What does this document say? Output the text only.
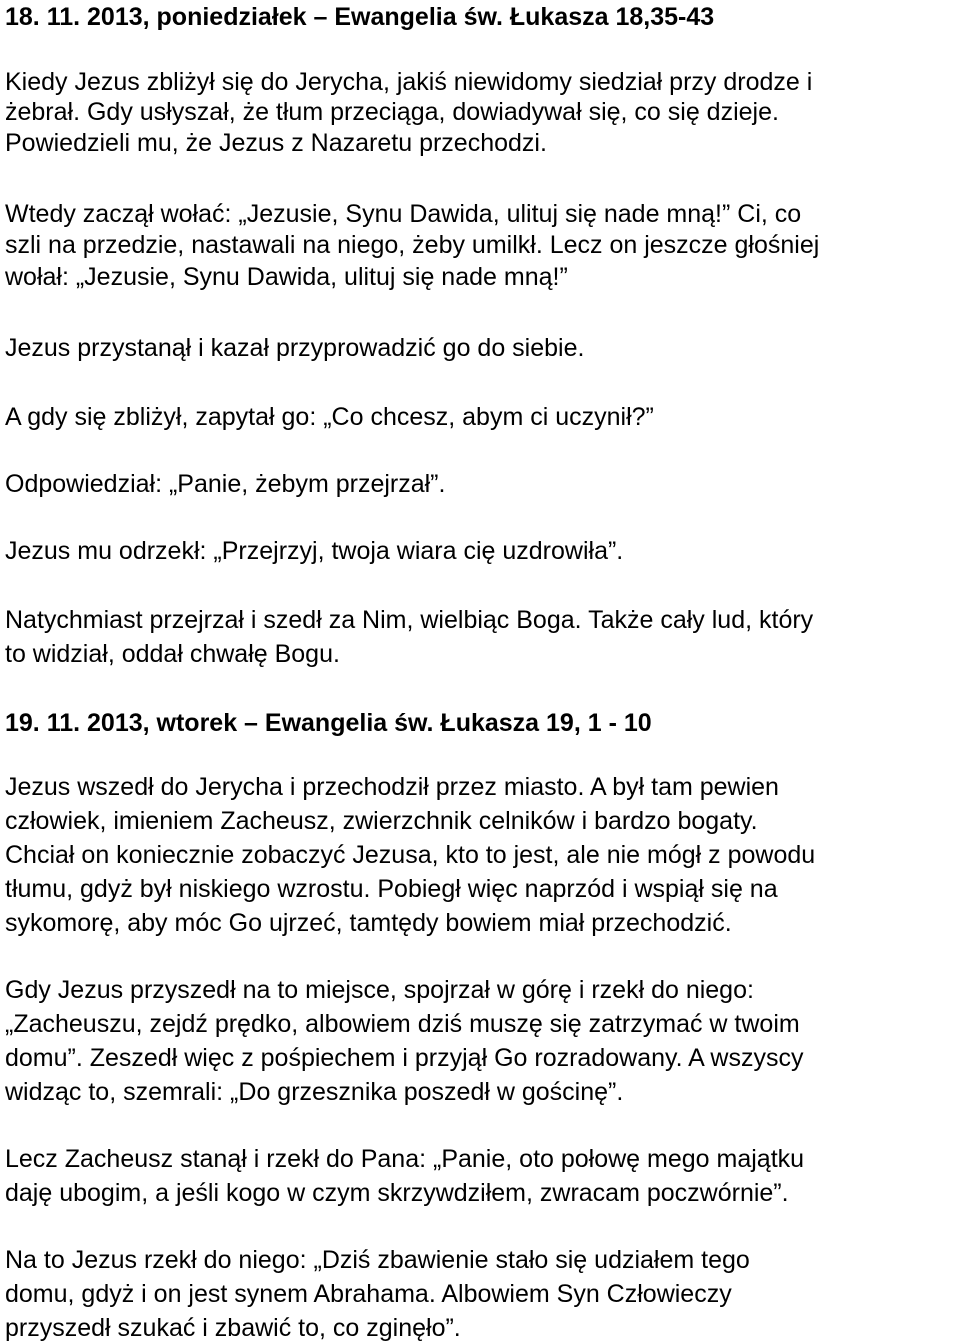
18. 11. 2013, poniedziałek – Ewangelia św. Łukasza 18,35-43
Kiedy Jezus zbliżył się do Jerycha, jakiś niewidomy siedział przy drodze i
żebrał. Gdy usłyszał, że tłum przeciąga, dowiadywał się, co się dzieje.
Powiedzieli mu, że Jezus z Nazaretu przechodzi.
Wtedy zaczął wołać: „Jezusie, Synu Dawida, ulituj się nade mną!” Ci, co
szli na przedzie, nastawali na niego, żeby umilkł. Lecz on jeszcze głośniej
wołał: „Jezusie, Synu Dawida, ulituj się nade mną!”
Jezus przystanął i kazał przyprowadzić go do siebie.
A gdy się zbliżył, zapytał go: „Co chcesz, abym ci uczynił?”
Odpowiedział: „Panie, żebym przejrzał”.
Jezus mu odrzekł: „Przejrzyj, twoja wiara cię uzdrowiła”.
Natychmiast przejrzał i szedł za Nim, wielbiąc Boga. Także cały lud, który
to widział, oddał chwałę Bogu.
19. 11. 2013, wtorek – Ewangelia św. Łukasza 19, 1 - 10
Jezus wszedł do Jerycha i przechodził przez miasto. A był tam pewien
człowiek, imieniem Zacheusz, zwierzchnik celników i bardzo bogaty.
Chciał on koniecznie zobaczyć Jezusa, kto to jest, ale nie mógł z powodu
tłumu, gdyż był niskiego wzrostu. Pobiegł więc naprzód i wspiął się na
sykomorę, aby móc Go ujrzeć, tamtędy bowiem miał przechodzić.
Gdy Jezus przyszedł na to miejsce, spojrzał w górę i rzekł do niego:
„Zacheuszu, zejdź prędko, albowiem dziś muszę się zatrzymać w twoim
domu”. Zeszedł więc z pośpiechem i przyjął Go rozradowany. A wszyscy
widząc to, szemrali: „Do grzesznika poszedł w gościnę”.
Lecz Zacheusz stanął i rzekł do Pana: „Panie, oto połowę mego majątku
daję ubogim, a jeśli kogo w czym skrzywdziłem, zwracam poczwórnie”.
Na to Jezus rzekł do niego: „Dziś zbawienie stało się udziałem tego
domu, gdyż i on jest synem Abrahama. Albowiem Syn Człowieczy
przyszedł szukać i zbawić to, co zginęło”.
